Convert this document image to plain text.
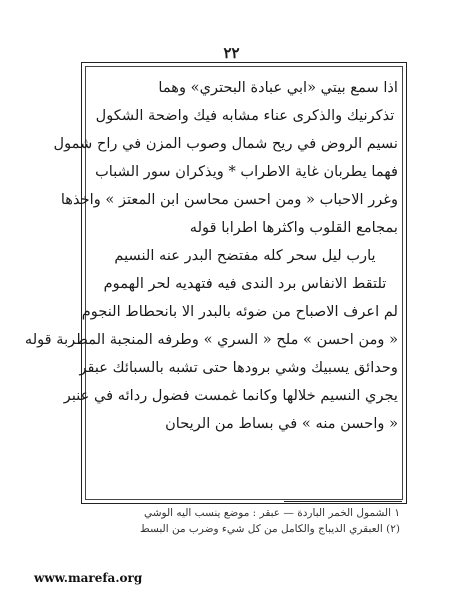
٢٢
اذا سمع بيتي «ابي عبادة البحتري» وهما
تذكرنيك والذكرى عناء مشابه فيك واضحة الشكول
نسيم الروض في ريح شمال وصوب المزن في راح شمول
فهما يطربان غاية الاطراب * ويذكران سور الشباب
وغرر الاحباب « ومن احسن محاسن ابن المعتز » واخذها
بمجامع القلوب واكثرها اطرابا قوله
يارب ليل سحر كله مفتضح البدر عنه النسيم
تلتقط الانفاس برد الندى فيه فتهديه لحر الهموم
لم اعرف الاصباح من ضوئه بالبدر الا بانحطاط النجوم
« ومن احسن » ملح « السري » وطرفه المنجبة المطربة قوله
وحدائق يسبيك وشي برودها حتى تشبه بالسبائك عبقر
يجري النسيم خلالها وكانما غمست فضول ردائه في عنبر
« واحسن منه » في بساط من الريحان
١ الشمول الخمر الباردة — عبقر : موضع ينسب اليه الوشي
(٢) العبقري الديباج والكامل من كل شيء وضرب من البسط
www.marefa.org
